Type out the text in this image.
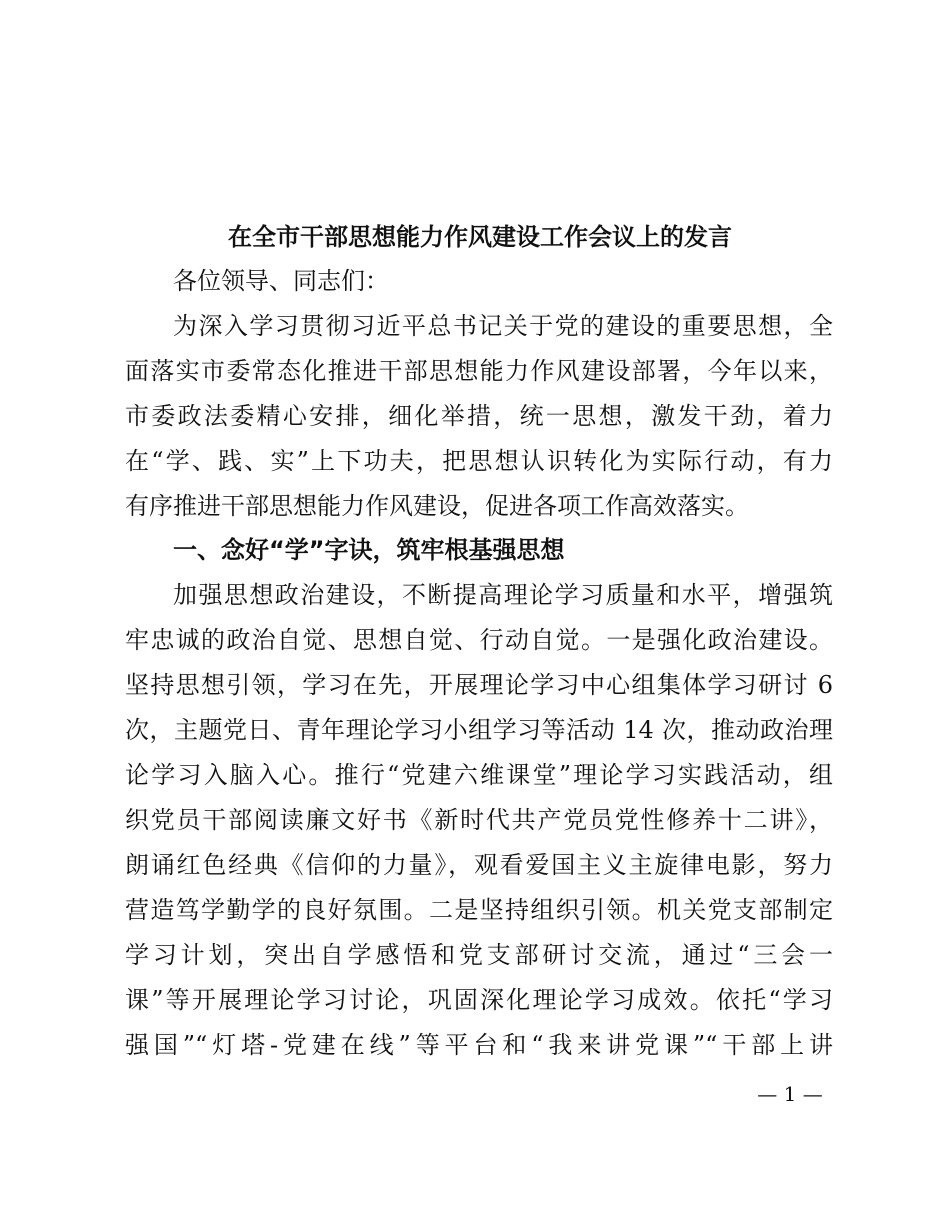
在全市干部思想能力作风建设工作会议上的发言
各位领导、同志们：
为深入学习贯彻习近平总书记关于党的建设的重要思想，全
面落实市委常态化推进干部思想能力作风建设部署，今年以来，
市委政法委精心安排，细化举措，统一思想，激发干劲，着力
在“学、践、实”上下功夫，把思想认识转化为实际行动，有力
有序推进干部思想能力作风建设，促进各项工作高效落实。
一、念好“学”字诀，筑牢根基强思想
加强思想政治建设，不断提高理论学习质量和水平，增强筑
牢忠诚的政治自觉、思想自觉、行动自觉。一是强化政治建设。
坚持思想引领，学习在先，开展理论学习中心组集体学习研讨 6
次，主题党日、青年理论学习小组学习等活动 14 次，推动政治理
论学习入脑入心。推行“党建六维课堂”理论学习实践活动，组
织党员干部阅读廉文好书《新时代共产党员党性修养十二讲》，
朗诵红色经典《信仰的力量》，观看爱国主义主旋律电影，努力
营造笃学勤学的良好氛围。二是坚持组织引领。机关党支部制定
学习计划，突出自学感悟和党支部研讨交流，通过“三会一
课”等开展理论学习讨论，巩固深化理论学习成效。依托“学习
强国”“灯塔-党建在线”等平台和“我来讲党课”“干部上讲
— 1 —
